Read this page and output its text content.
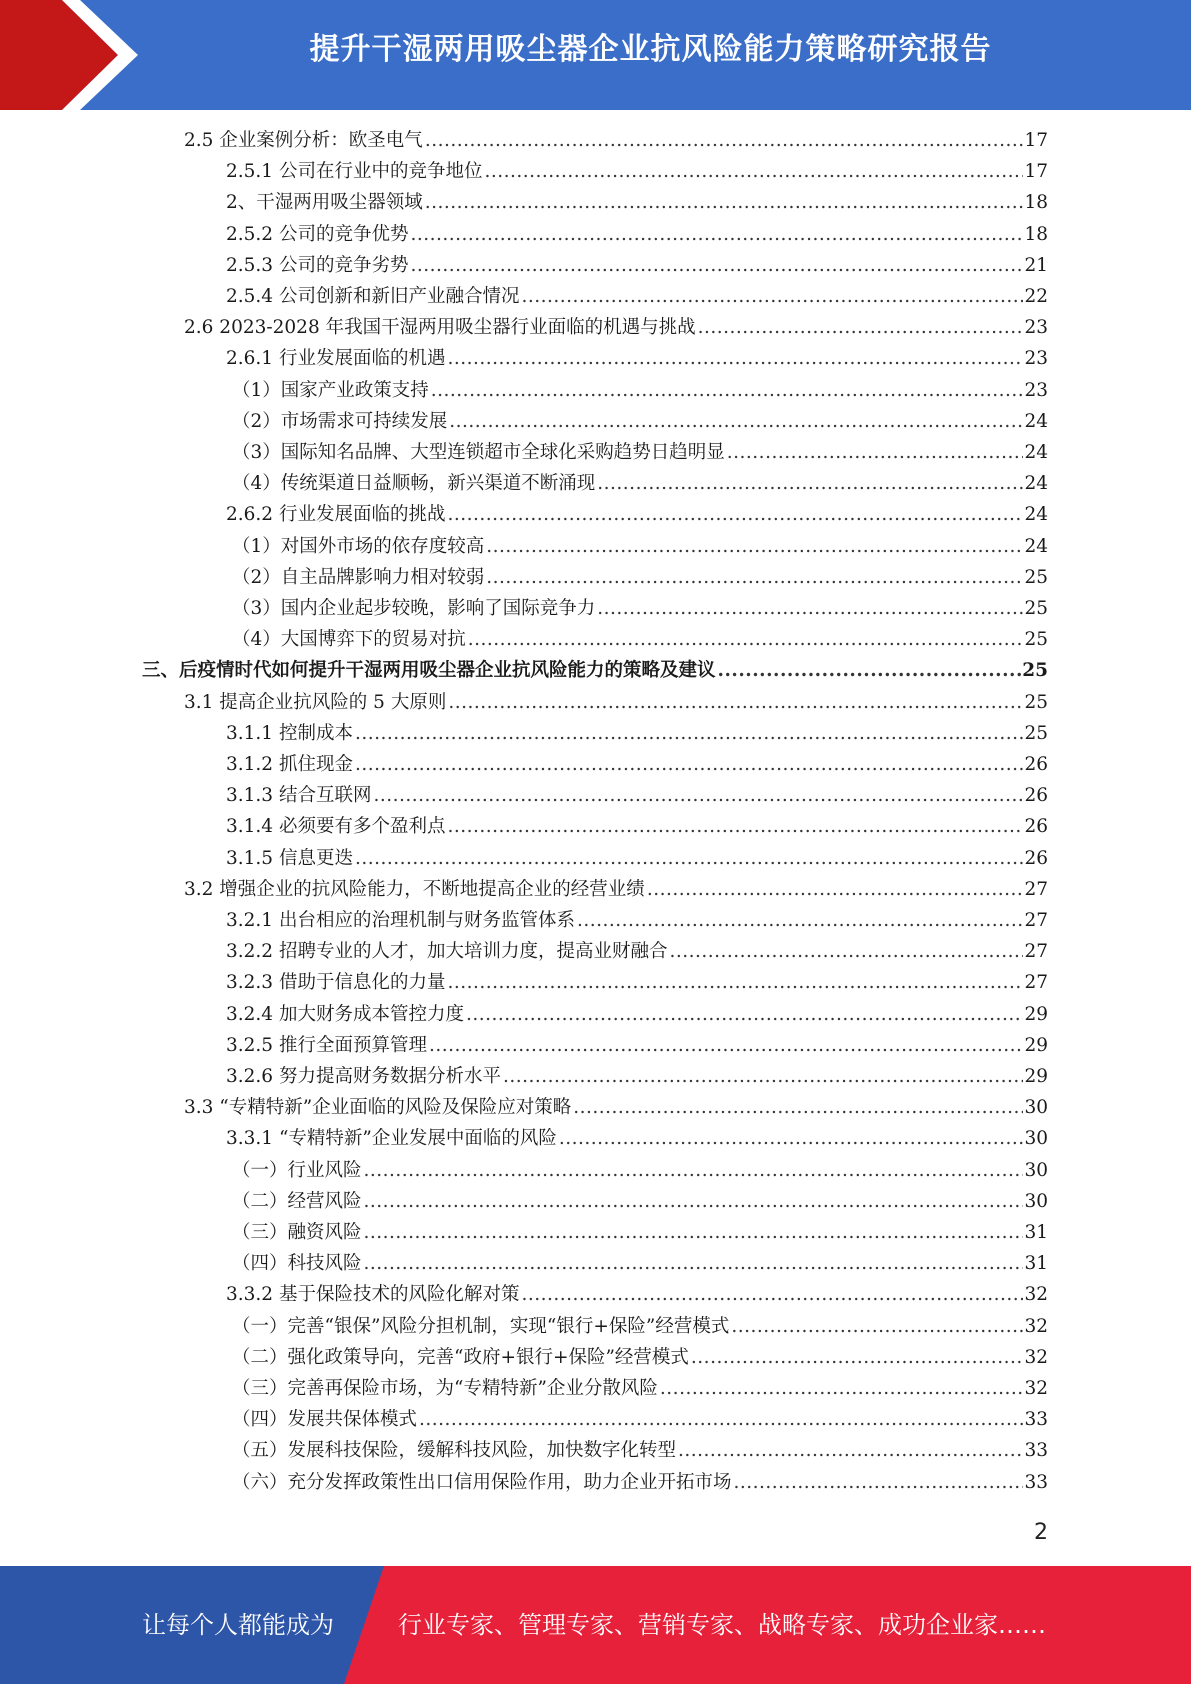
提升干湿两用吸尘器企业抗风险能力策略研究报告
2.5 企业案例分析：欧圣电气 .....	17
2.5.1 公司在行业中的竞争地位 .....	17
2、干湿两用吸尘器领域 .....	18
2.5.2 公司的竞争优势 .....	18
2.5.3 公司的竞争劣势 .....	21
2.5.4 公司创新和新旧产业融合情况 .....	22
2.6 2023-2028 年我国干湿两用吸尘器行业面临的机遇与挑战 .....	23
2.6.1 行业发展面临的机遇 .....	23
（1）国家产业政策支持 .....	23
（2）市场需求可持续发展 .....	24
（3）国际知名品牌、大型连锁超市全球化采购趋势日趋明显 .....	24
（4）传统渠道日益顺畅，新兴渠道不断涌现 .....	24
2.6.2 行业发展面临的挑战 .....	24
（1）对国外市场的依存度较高 .....	24
（2）自主品牌影响力相对较弱 .....	25
（3）国内企业起步较晚，影响了国际竞争力 .....	25
（4）大国博弈下的贸易对抗 .....	25
三、后疫情时代如何提升干湿两用吸尘器企业抗风险能力的策略及建议 .....	25
3.1 提高企业抗风险的 5 大原则 .....	25
3.1.1 控制成本 .....	25
3.1.2 抓住现金 .....	26
3.1.3 结合互联网 .....	26
3.1.4 必须要有多个盈利点 .....	26
3.1.5 信息更迭 .....	26
3.2 增强企业的抗风险能力，不断地提高企业的经营业绩 .....	27
3.2.1 出台相应的治理机制与财务监管体系 .....	27
3.2.2 招聘专业的人才，加大培训力度，提高业财融合 .....	27
3.2.3 借助于信息化的力量 .....	27
3.2.4 加大财务成本管控力度 .....	29
3.2.5 推行全面预算管理 .....	29
3.2.6 努力提高财务数据分析水平 .....	29
3.3 “专精特新”企业面临的风险及保险应对策略 .....	30
3.3.1 “专精特新”企业发展中面临的风险 .....	30
（一）行业风险 .....	30
（二）经营风险 .....	30
（三）融资风险 .....	31
（四）科技风险 .....	31
3.3.2 基于保险技术的风险化解对策 .....	32
（一）完善“银保”风险分担机制，实现“银行+保险”经营模式 .....	32
（二）强化政策导向，完善“政府+银行+保险”经营模式 .....	32
（三）完善再保险市场，为“专精特新”企业分散风险 .....	32
（四）发展共保体模式 .....	33
（五）发展科技保险，缓解科技风险，加快数字化转型 .....	33
（六）充分发挥政策性出口信用保险作用，助力企业开拓市场 .....	33
2
让每个人都能成为	行业专家、管理专家、营销专家、战略专家、成功企业家……
